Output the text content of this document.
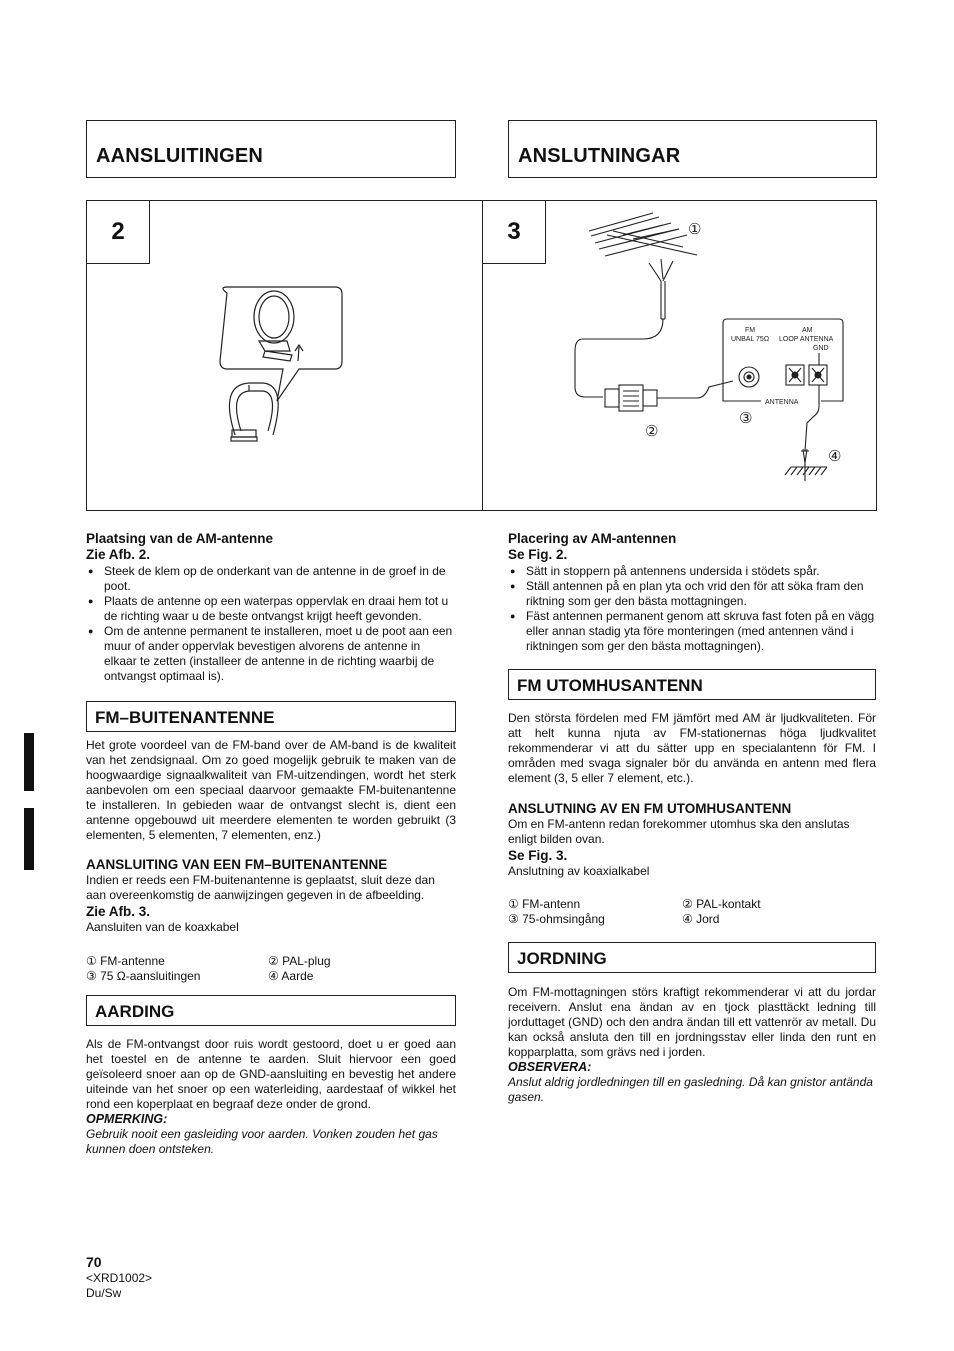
AANSLUITINGEN	ANSLUTNINGAR
2	3	①
②
③
④
FM	AM
UNBAL 75Ω LOOP ANTENNA
GND
ANTENNA
Plaatsing van de AM-antenne
Zie Afb. 2.
● Steek de klem op de onderkant van de antenne in de groef in de poot.
● Plaats de antenne op een waterpas oppervlak en draai hem tot u de richting waar u de beste ontvangst krijgt heeft gevonden.
● Om de antenne permanent te installeren, moet u de poot aan een muur of ander oppervlak bevestigen alvorens de antenne in elkaar te zetten (installeer de antenne in de richting waarbij de ontvangst optimaal is).
FM–BUITENANTENNE
Het grote voordeel van de FM-band over de AM-band is de kwaliteit van het zendsignaal. Om zo goed mogelijk gebruik te maken van de hoogwaardige signaalkwaliteit van FM-uitzendingen, wordt het sterk aanbevolen om een speciaal daarvoor gemaakte FM-buitenantenne te installeren. In gebieden waar de ontvangst slecht is, dient een antenne opgebouwd uit meerdere elementen te worden gebruikt (3 elementen, 5 elementen, 7 elementen, enz.)
AANSLUITING VAN EEN FM–BUITENANTENNE
Indien er reeds een FM-buitenantenne is geplaatst, sluit deze dan aan overeenkomstig de aanwijzingen gegeven in de afbeelding.
Zie Afb. 3.
Aansluiten van de koaxkabel
① FM-antenne	② PAL-plug
③ 75 Ω-aansluitingen	④ Aarde
AARDING
Als de FM-ontvangst door ruis wordt gestoord, doet u er goed aan het toestel en de antenne te aarden. Sluit hiervoor een goed geïsoleerd snoer aan op de GND-aansluiting en bevestig het andere uiteinde van het snoer op een waterleiding, aardestaaf of wikkel het rond een koperplaat en begraaf deze onder de grond.
OPMERKING:
Gebruik nooit een gasleiding voor aarden. Vonken zouden het gas kunnen doen ontsteken.
Placering av AM-antennen
Se Fig. 2.
● Sätt in stoppern på antennens undersida i stödets spår.
● Ställ antennen på en plan yta och vrid den för att söka fram den riktning som ger den bästa mottagningen.
● Fäst antennen permanent genom att skruva fast foten på en vägg eller annan stadig yta före monteringen (med antennen vänd i riktningen som ger den bästa mottagningen).
FM UTOMHUSANTENN
Den största fördelen med FM jämfört med AM är ljudkvaliteten. För att helt kunna njuta av FM-stationernas höga ljudkvalitet rekommenderar vi att du sätter upp en specialantenn för FM. I områden med svaga signaler bör du använda en antenn med flera element (3, 5 eller 7 element, etc.).
ANSLUTNING AV EN FM UTOMHUSANTENN
Om en FM-antenn redan forekommer utomhus ska den anslutas enligt bilden ovan.
Se Fig. 3.
Anslutning av koaxialkabel
① FM-antenn	② PAL-kontakt
③ 75-ohmsingång	④ Jord
JORDNING
Om FM-mottagningen störs kraftigt rekommenderar vi att du jordar receivern. Anslut ena ändan av en tjock plasttäckt ledning till jorduttaget (GND) och den andra ändan till ett vattenrör av metall. Du kan också ansluta den till en jordningsstav eller linda den runt en kopparplatta, som grävs ned i jorden.
OBSERVERA:
Anslut aldrig jordledningen till en gasledning. Då kan gnistor antända gasen.
70
<XRD1002>
Du/Sw
